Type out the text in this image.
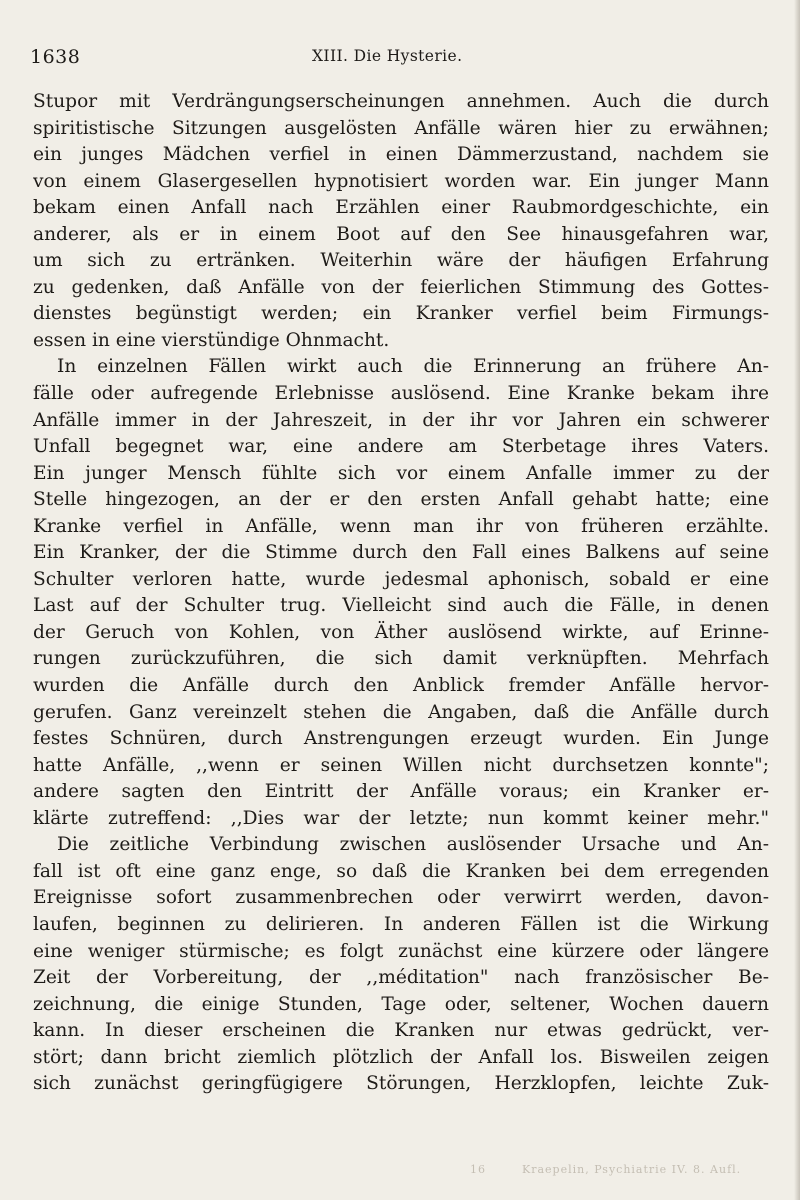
1638	XIII. Die Hysterie.
Stupor mit Verdrängungserscheinungen annehmen. Auch die durch
spiritistische Sitzungen ausgelösten Anfälle wären hier zu erwähnen;
ein junges Mädchen verfiel in einen Dämmerzustand, nachdem sie
von einem Glasergesellen hypnotisiert worden war. Ein junger Mann
bekam einen Anfall nach Erzählen einer Raubmordgeschichte, ein
anderer, als er in einem Boot auf den See hinausgefahren war,
um sich zu ertränken. Weiterhin wäre der häufigen Erfahrung
zu gedenken, daß Anfälle von der feierlichen Stimmung des Gottes-
dienstes begünstigt werden; ein Kranker verfiel beim Firmungs-
essen in eine vierstündige Ohnmacht.
In einzelnen Fällen wirkt auch die Erinnerung an frühere An-
fälle oder aufregende Erlebnisse auslösend. Eine Kranke bekam ihre
Anfälle immer in der Jahreszeit, in der ihr vor Jahren ein schwerer
Unfall begegnet war, eine andere am Sterbetage ihres Vaters.
Ein junger Mensch fühlte sich vor einem Anfalle immer zu der
Stelle hingezogen, an der er den ersten Anfall gehabt hatte; eine
Kranke verfiel in Anfälle, wenn man ihr von früheren erzählte.
Ein Kranker, der die Stimme durch den Fall eines Balkens auf seine
Schulter verloren hatte, wurde jedesmal aphonisch, sobald er eine
Last auf der Schulter trug. Vielleicht sind auch die Fälle, in denen
der Geruch von Kohlen, von Äther auslösend wirkte, auf Erinne-
rungen zurückzuführen, die sich damit verknüpften. Mehrfach
wurden die Anfälle durch den Anblick fremder Anfälle hervor-
gerufen. Ganz vereinzelt stehen die Angaben, daß die Anfälle durch
festes Schnüren, durch Anstrengungen erzeugt wurden. Ein Junge
hatte Anfälle, ,,wenn er seinen Willen nicht durchsetzen konnte";
andere sagten den Eintritt der Anfälle voraus; ein Kranker er-
klärte zutreffend: ,,Dies war der letzte; nun kommt keiner mehr."
Die zeitliche Verbindung zwischen auslösender Ursache und An-
fall ist oft eine ganz enge, so daß die Kranken bei dem erregenden
Ereignisse sofort zusammenbrechen oder verwirrt werden, davon-
laufen, beginnen zu delirieren. In anderen Fällen ist die Wirkung
eine weniger stürmische; es folgt zunächst eine kürzere oder längere
Zeit der Vorbereitung, der ,,méditation" nach französischer Be-
zeichnung, die einige Stunden, Tage oder, seltener, Wochen dauern
kann. In dieser erscheinen die Kranken nur etwas gedrückt, ver-
stört; dann bricht ziemlich plötzlich der Anfall los. Bisweilen zeigen
sich zunächst geringfügigere Störungen, Herzklopfen, leichte Zuk-
16	Kraepelin, Psychiatrie IV. 8. Aufl.
